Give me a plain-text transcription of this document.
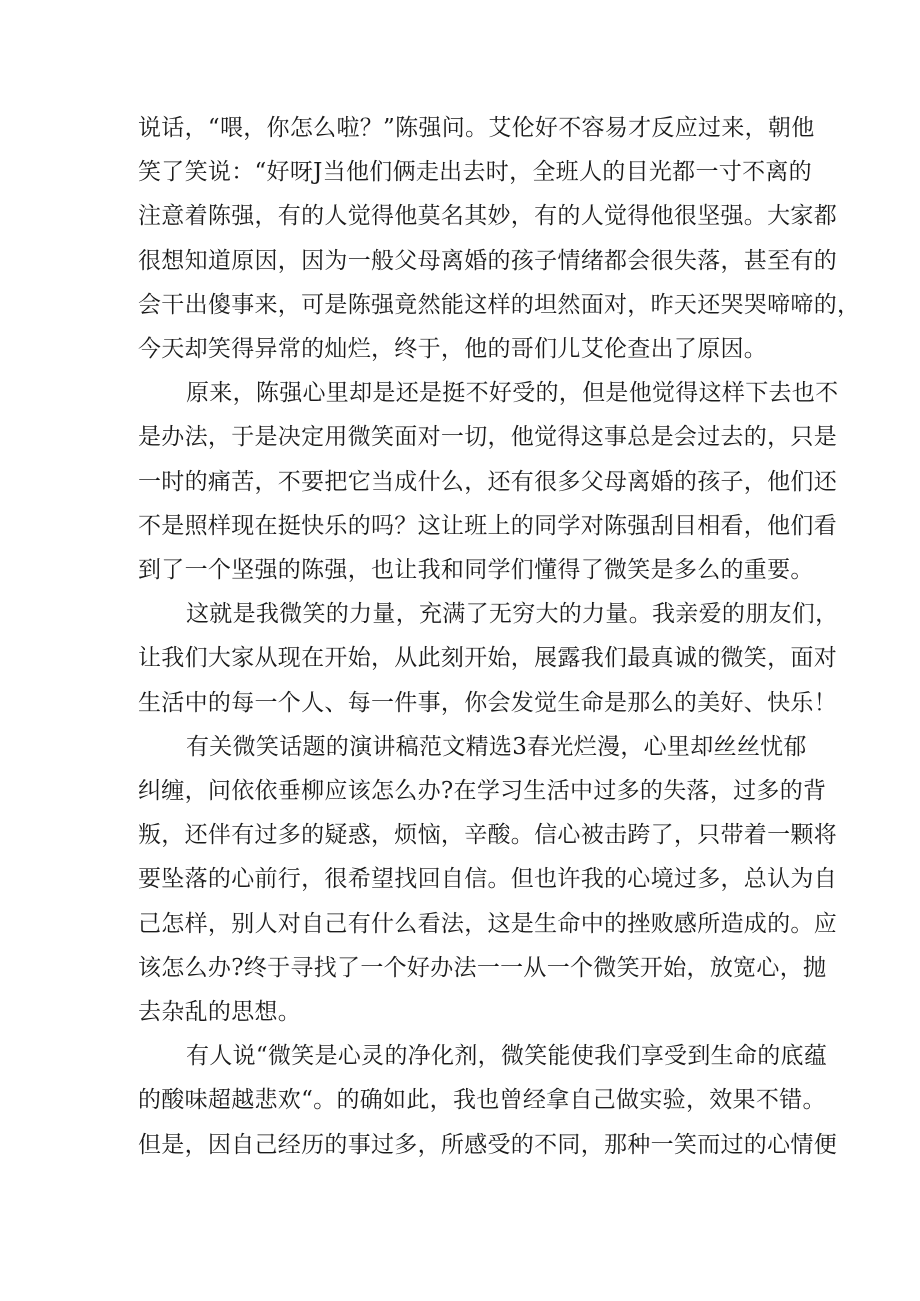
说话，“喂，你怎么啦？”陈强问。艾伦好不容易才反应过来，朝他
笑了笑说：“好呀J当他们俩走出去时，全班人的目光都一寸不离的
注意着陈强，有的人觉得他莫名其妙，有的人觉得他很坚强。大家都
很想知道原因，因为一般父母离婚的孩子情绪都会很失落，甚至有的
会干出傻事来，可是陈强竟然能这样的坦然面对，昨天还哭哭啼啼的，
今天却笑得异常的灿烂，终于，他的哥们儿艾伦查出了原因。

原来，陈强心里却是还是挺不好受的，但是他觉得这样下去也不
是办法，于是决定用微笑面对一切，他觉得这事总是会过去的，只是
一时的痛苦，不要把它当成什么，还有很多父母离婚的孩子，他们还
不是照样现在挺快乐的吗？这让班上的同学对陈强刮目相看，他们看
到了一个坚强的陈强，也让我和同学们懂得了微笑是多么的重要。

这就是我微笑的力量，充满了无穷大的力量。我亲爱的朋友们，
让我们大家从现在开始，从此刻开始，展露我们最真诚的微笑，面对
生活中的每一个人、每一件事，你会发觉生命是那么的美好、快乐！

有关微笑话题的演讲稿范文精选3春光烂漫，心里却丝丝忧郁
纠缠，问依依垂柳应该怎么办?在学习生活中过多的失落，过多的背
叛，还伴有过多的疑惑，烦恼，辛酸。信心被击跨了，只带着一颗将
要坠落的心前行，很希望找回自信。但也许我的心境过多，总认为自
己怎样，别人对自己有什么看法，这是生命中的挫败感所造成的。应
该怎么办?终于寻找了一个好办法一一从一个微笑开始，放宽心，抛
去杂乱的思想。

有人说“微笑是心灵的净化剂，微笑能使我们享受到生命的底蕴
的酸味超越悲欢“。的确如此，我也曾经拿自己做实验，效果不错。
但是，因自己经历的事过多，所感受的不同，那种一笑而过的心情便
